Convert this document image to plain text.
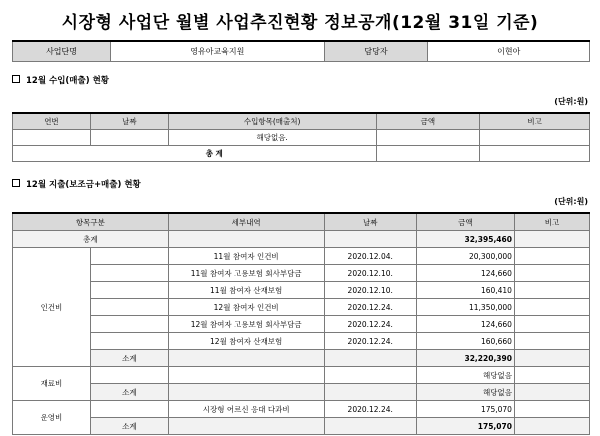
시장형 사업단 월별 사업추진현황 정보공개(12월 31일 기준)
사업단명	영유아교육지원	담당자	이현아
12월 수입(매출) 현황
(단위:원)
연번	날짜	수입항목(매출처)	금액	비고
		해당없음.		
총 계				
12월 지출(보조금+매출) 현황
(단위:원)
항목구분		세부내역	날짜	금액	비고
총계				32,395,460	
인건비		11월 참여자 인건비	2020.12.04.	20,300,000	
		11월 참여자 고용보험 회사부담금	2020.12.10.	124,660	
		11월 참여자 산재보험	2020.12.10.	160,410	
		12월 참여자 인건비	2020.12.24.	11,350,000	
		12월 참여자 고용보험 회사부담금	2020.12.24.	124,660	
		12월 참여자 산재보험	2020.12.24.	160,660	
	소계			32,220,390	
재료비				해당없음	
	소계			해당없음	
운영비		시장형 어르신 응대 다과비	2020.12.24.	175,070	
	소계			175,070	
